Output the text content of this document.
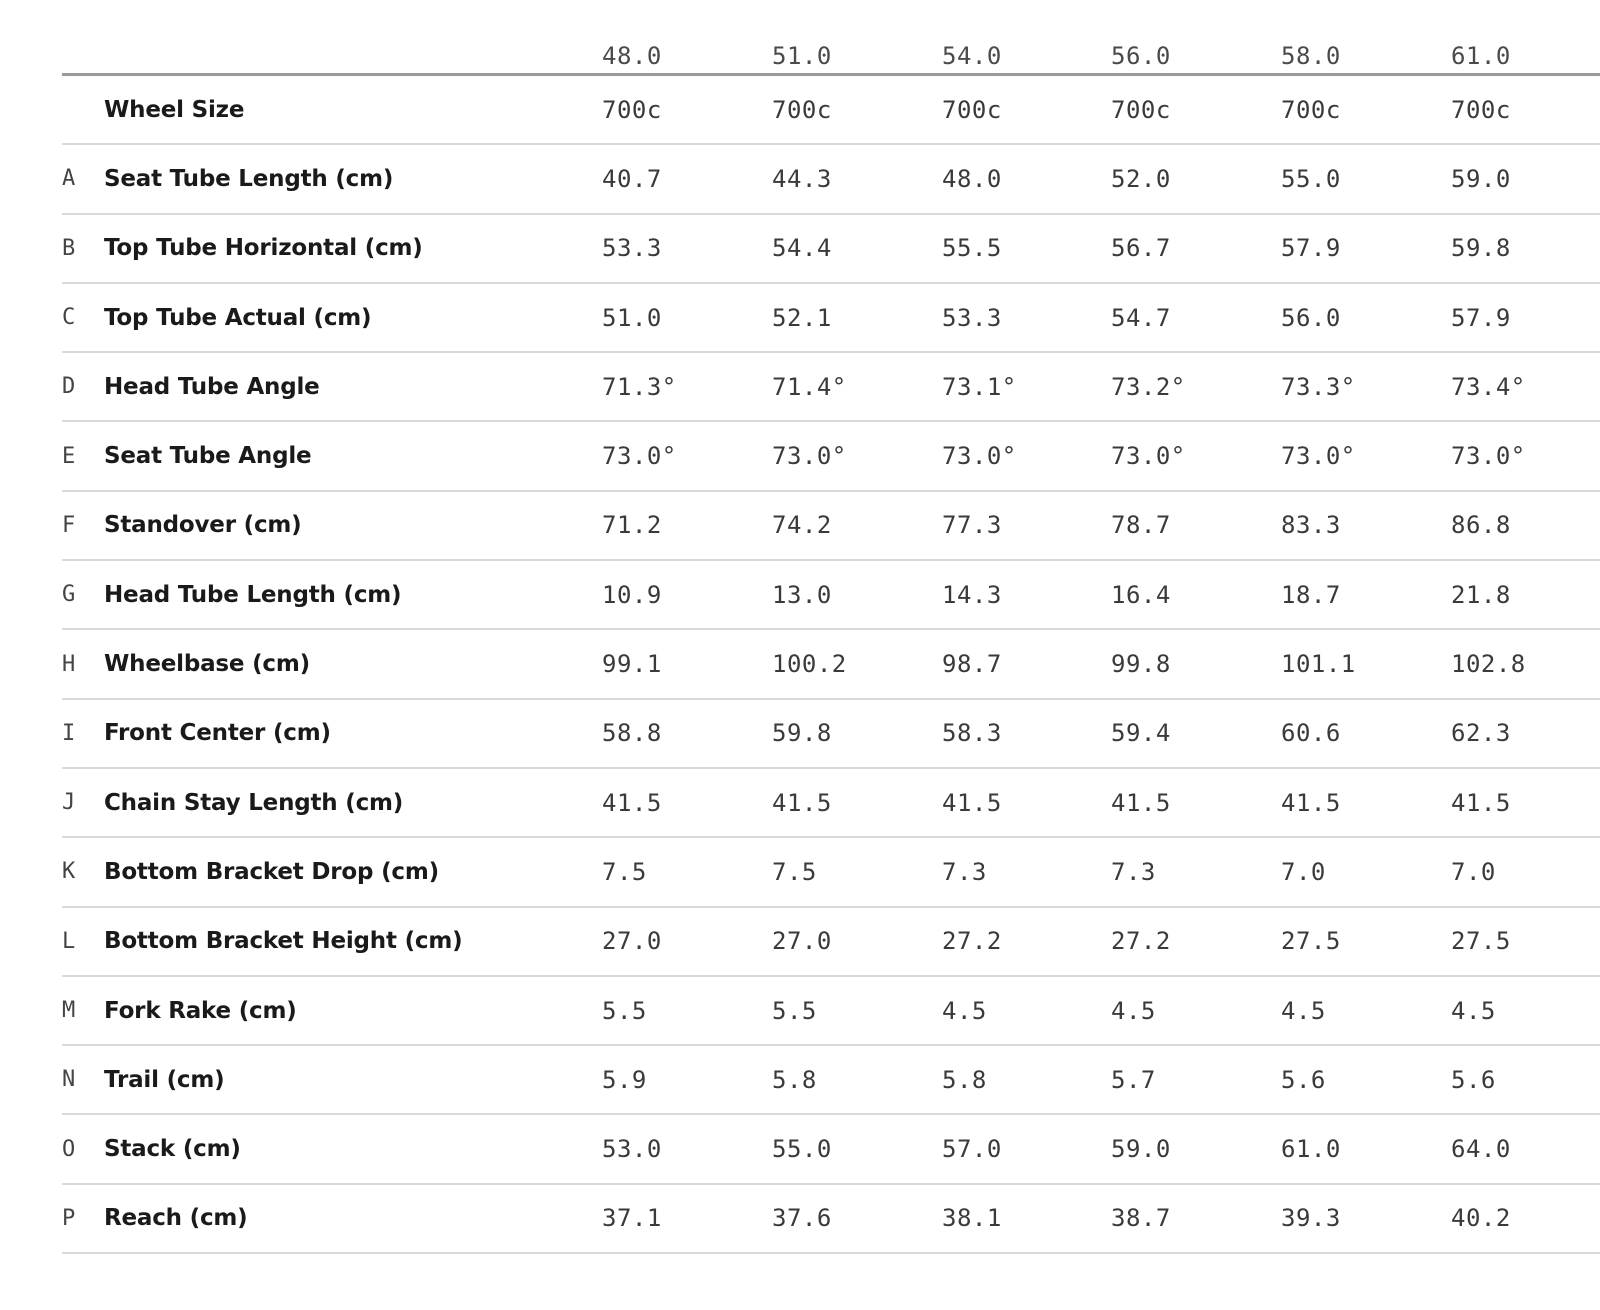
48.0	51.0	54.0	56.0	58.0	61.0
Wheel Size	700c	700c	700c	700c	700c	700c
A	Seat Tube Length (cm)	40.7	44.3	48.0	52.0	55.0	59.0
B	Top Tube Horizontal (cm)	53.3	54.4	55.5	56.7	57.9	59.8
C	Top Tube Actual (cm)	51.0	52.1	53.3	54.7	56.0	57.9
D	Head Tube Angle	71.3°	71.4°	73.1°	73.2°	73.3°	73.4°
E	Seat Tube Angle	73.0°	73.0°	73.0°	73.0°	73.0°	73.0°
F	Standover (cm)	71.2	74.2	77.3	78.7	83.3	86.8
G	Head Tube Length (cm)	10.9	13.0	14.3	16.4	18.7	21.8
H	Wheelbase (cm)	99.1	100.2	98.7	99.8	101.1	102.8
I	Front Center (cm)	58.8	59.8	58.3	59.4	60.6	62.3
J	Chain Stay Length (cm)	41.5	41.5	41.5	41.5	41.5	41.5
K	Bottom Bracket Drop (cm)	7.5	7.5	7.3	7.3	7.0	7.0
L	Bottom Bracket Height (cm)	27.0	27.0	27.2	27.2	27.5	27.5
M	Fork Rake (cm)	5.5	5.5	4.5	4.5	4.5	4.5
N	Trail (cm)	5.9	5.8	5.8	5.7	5.6	5.6
O	Stack (cm)	53.0	55.0	57.0	59.0	61.0	64.0
P	Reach (cm)	37.1	37.6	38.1	38.7	39.3	40.2
